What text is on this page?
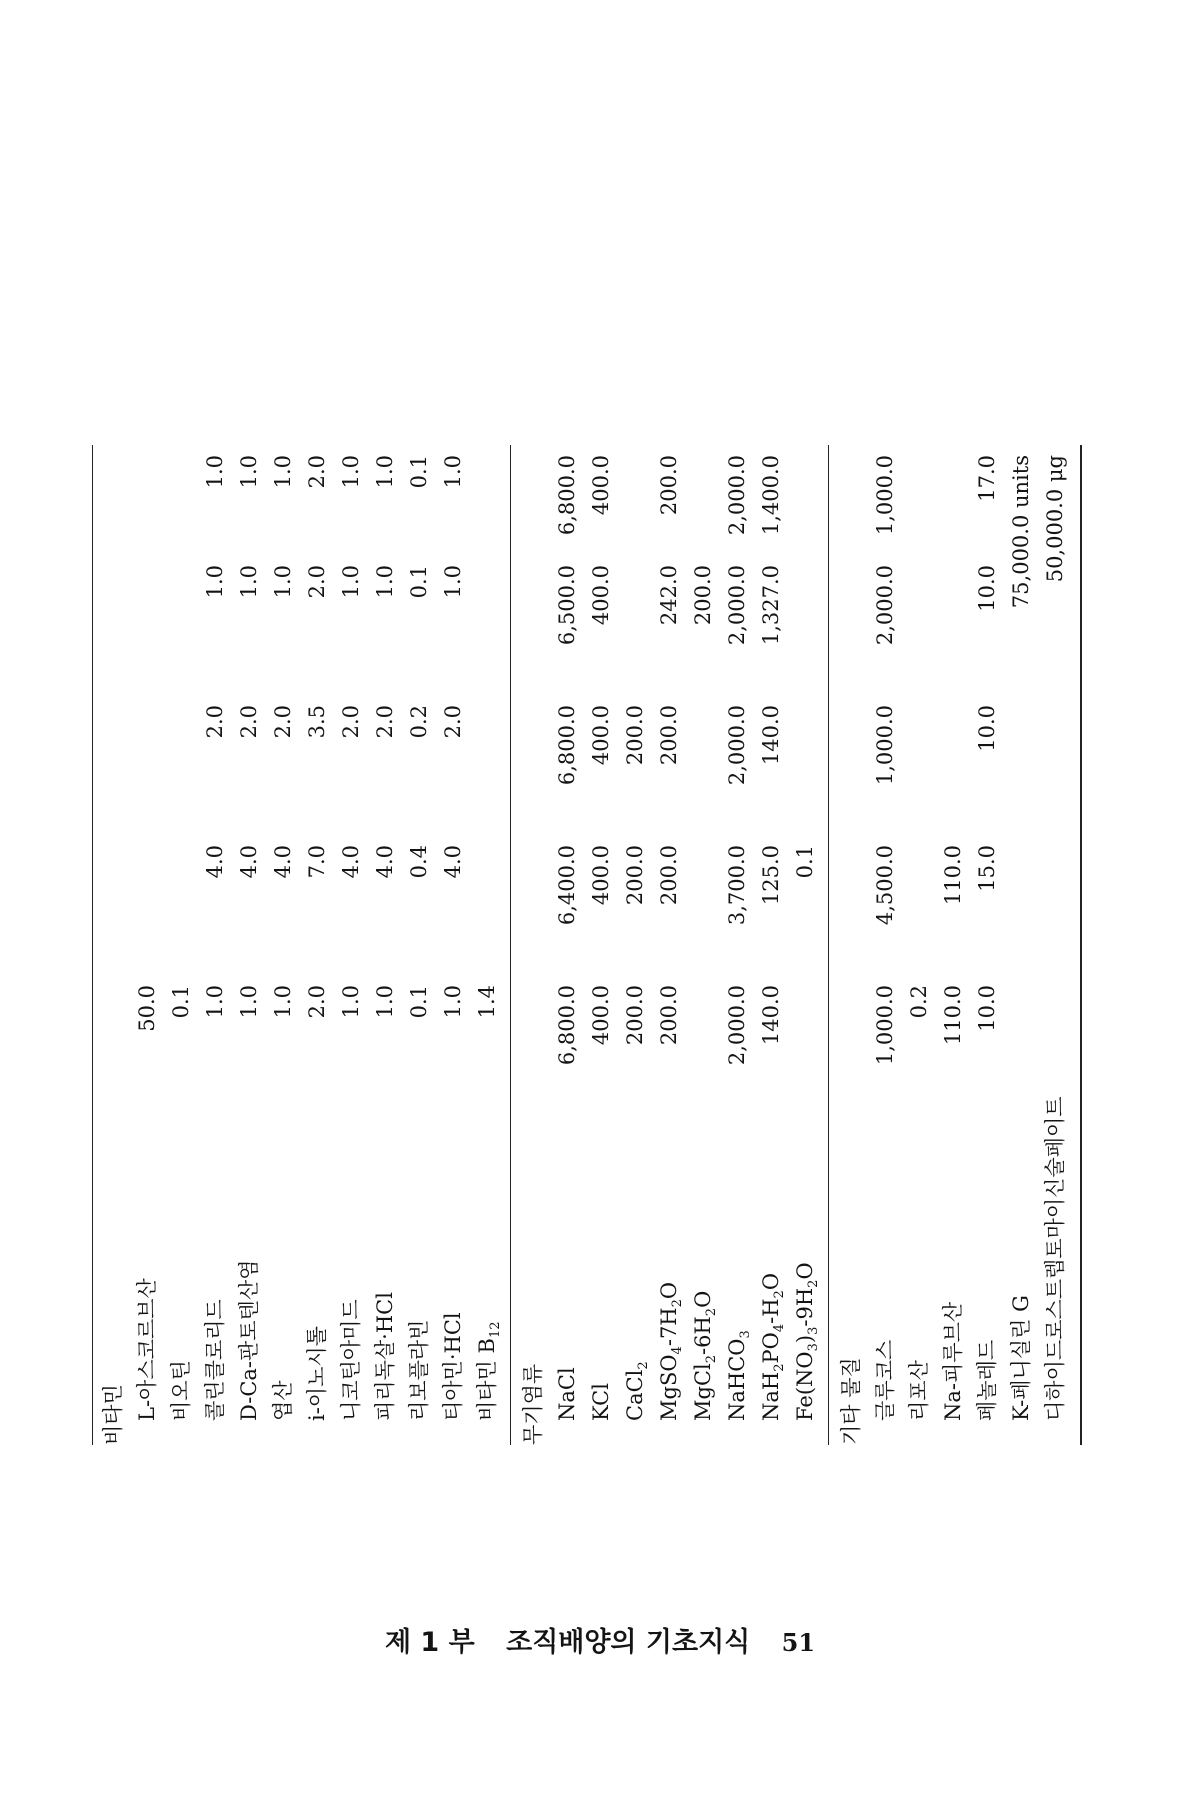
비타민 L-아스코르브산
50.0
비오틴
0.1
콜린클로리드
1.0
4.0
2.0
1.0
1.0
D-Ca-판토텐산염
1.0
4.0
2.0
1.0
1.0
엽산
1.0
4.0
2.0
1.0
1.0
i-이노시톨
2.0
7.0
3.5
2.0
2.0
니코틴아미드
1.0
4.0
2.0
1.0
1.0
피리독살·HCl
1.0
4.0
2.0
1.0
1.0
리보플라빈
0.1
0.4
0.2
0.1
0.1
티아민·HCl
1.0
4.0
2.0
1.0
1.0
비타민 $B_{12}$
1.4
무기염류 NaCl
6,800.0
6,400.0
6,800.0
6,500.0
6,800.0
KCl
400.0
400.0
400.0
400.0
400.0
CaCl$_2$
200.0
200.0
200.0
$MgSO_4-7H_2O$
200.0
200.0
200.0
242.0
200.0
$MgCl_2-6H_2O$
200.0
NaHCO$_3$
2,000.0
3,700.0
2,000.0
2,000.0
2,000.0
$NaH_2PO_4-H_2O$
140.0
125.0
140.0
1,327.0
1,400.0
$Fe(NO_3)_3-9H_2O$
0.1
기타 물질 글루코스
1,000.0
4,500.0
1,000.0
2,000.0
1,000.0
리포산
0.2
Na-피루브산
110.0
110.0
페놀레드
10.0
15.0
10.0
10.0
17.0
K-페니실린 G
75,000.0 units
디하이드로스트렙토마이신술페이트
50,000.0 μg
제 1 부 조직배양의 기초지식 51
